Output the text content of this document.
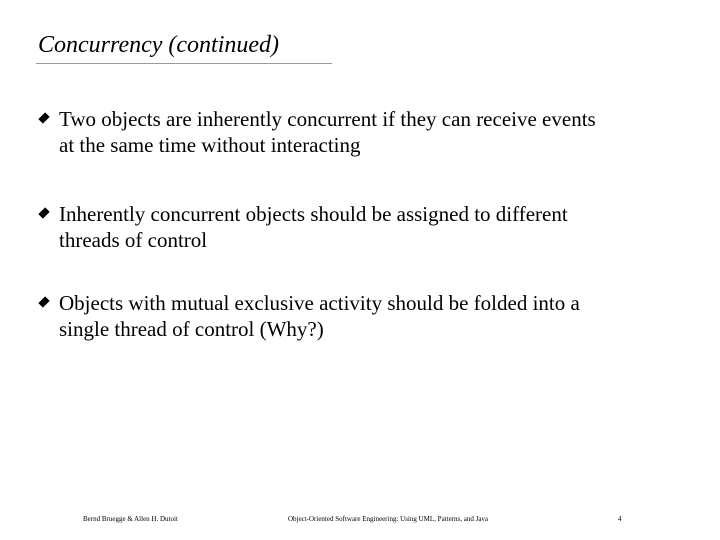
Concurrency (continued)
Two objects are inherently concurrent if they can receive events
at the same time without interacting
Inherently concurrent objects should be assigned to different
threads of control
Objects with mutual exclusive activity should be folded into a
single thread of control (Why?)
Bernd Bruegge & Allen H. Dutoit	Object-Oriented Software Engineering: Using UML, Patterns, and Java	4
